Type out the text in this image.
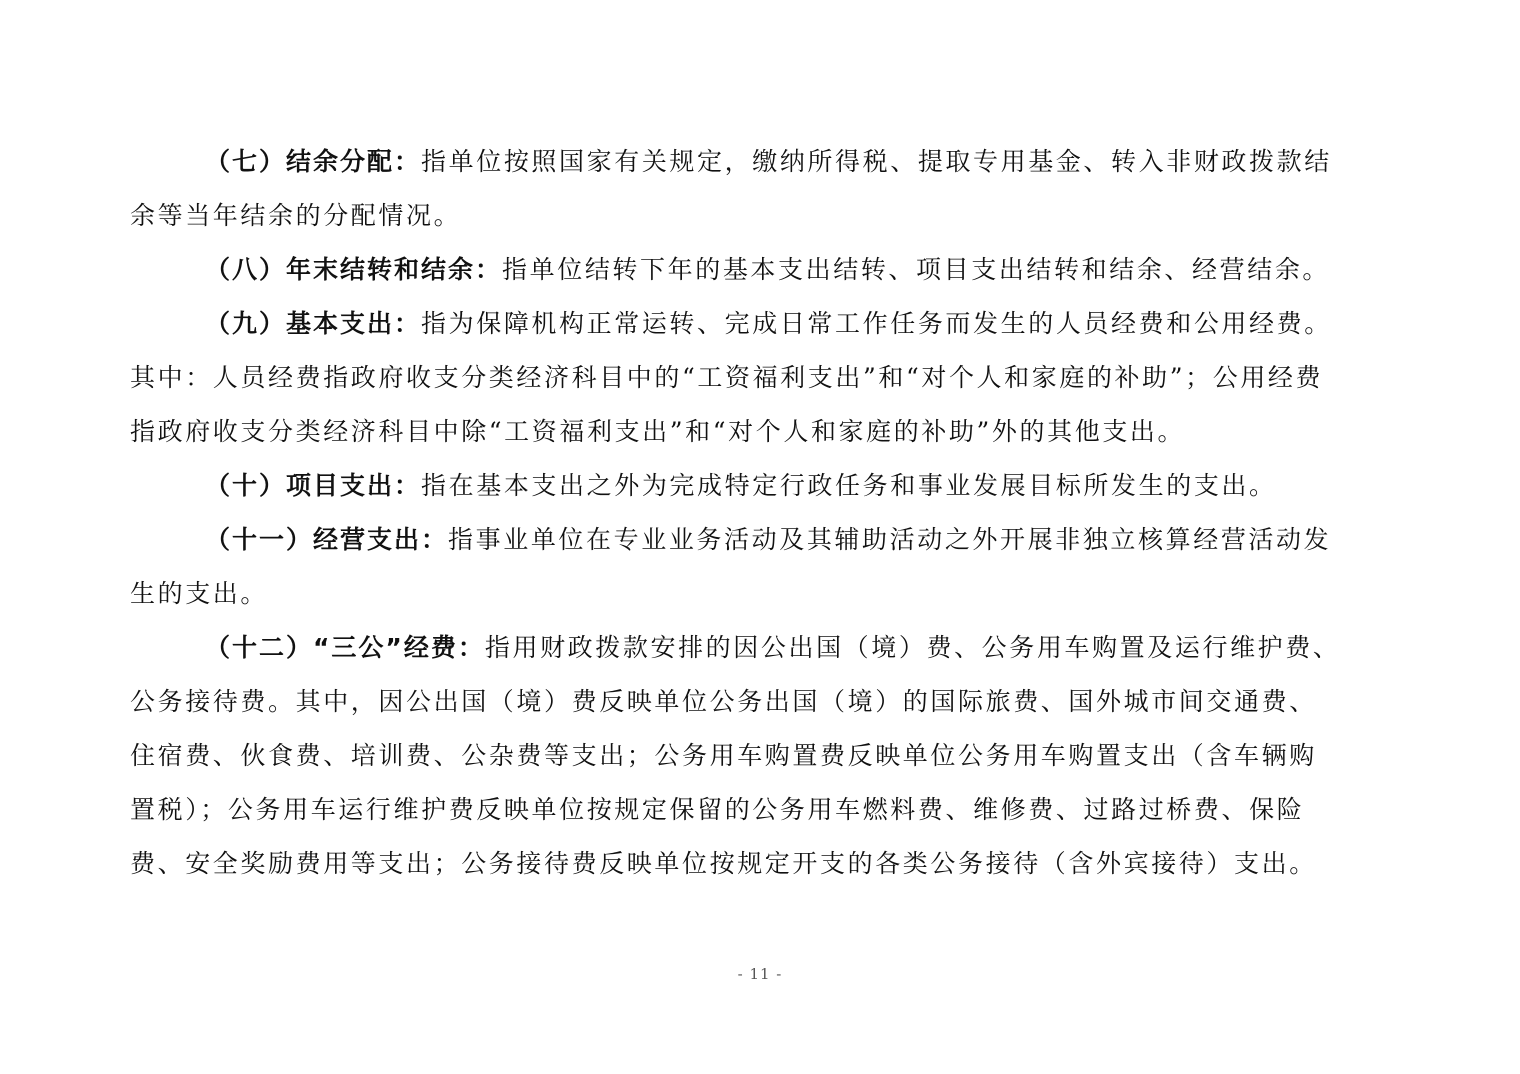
（七）结余分配：指单位按照国家有关规定，缴纳所得税、提取专用基金、转入非财政拨款结
余等当年结余的分配情况。
（八）年末结转和结余：指单位结转下年的基本支出结转、项目支出结转和结余、经营结余。
（九）基本支出：指为保障机构正常运转、完成日常工作任务而发生的人员经费和公用经费。
其中：人员经费指政府收支分类经济科目中的“工资福利支出”和“对个人和家庭的补助”；公用经费
指政府收支分类经济科目中除“工资福利支出”和“对个人和家庭的补助”外的其他支出。
（十）项目支出：指在基本支出之外为完成特定行政任务和事业发展目标所发生的支出。
（十一）经营支出：指事业单位在专业业务活动及其辅助活动之外开展非独立核算经营活动发
生的支出。
（十二）“三公”经费：指用财政拨款安排的因公出国（境）费、公务用车购置及运行维护费、
公务接待费。其中，因公出国（境）费反映单位公务出国（境）的国际旅费、国外城市间交通费、
住宿费、伙食费、培训费、公杂费等支出；公务用车购置费反映单位公务用车购置支出（含车辆购
置税）；公务用车运行维护费反映单位按规定保留的公务用车燃料费、维修费、过路过桥费、保险
费、安全奖励费用等支出；公务接待费反映单位按规定开支的各类公务接待（含外宾接待）支出。
- 11 -
